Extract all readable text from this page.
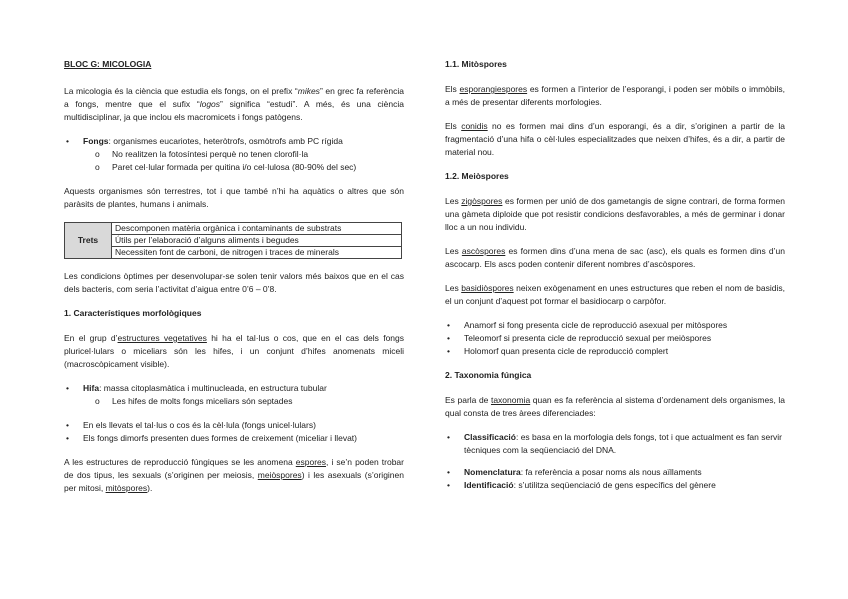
BLOC G: MICOLOGIA

La micologia és la ciència que estudia els fongs, on el prefix “mikes” en grec fa referència a fongs, mentre que el sufix “logos” significa “estudi”. A més, és una ciència multidisciplinar, ja que inclou els macromicets i fongs patògens.

• Fongs: organismes eucariotes, heteròtrofs, osmòtrofs amb PC rígida
o No realitzen la fotosíntesi perquè no tenen clorofil·la
o Paret cel·lular formada per quitina i/o cel·lulosa (80-90% del sec)

Aquests organismes són terrestres, tot i que també n’hi ha aquàtics o altres que són paràsits de plantes, humans i animals.

Trets	Descomponen matèria orgànica i contaminants de substrats
Útils per l’elaboració d’alguns aliments i begudes
Necessiten font de carboni, de nitrogen i traces de minerals

Les condicions òptimes per desenvolupar-se solen tenir valors més baixos que en el cas dels bacteris, com seria l’activitat d’aigua entre 0’6 – 0’8.

1. Característiques morfològiques

En el grup d’estructures vegetatives hi ha el tal·lus o cos, que en el cas dels fongs pluricel·lulars o miceliars són les hifes, i un conjunt d’hifes anomenats miceli (macroscòpicament visible).

• Hifa: massa citoplasmàtica i multinucleada, en estructura tubular
o Les hifes de molts fongs miceliars són septades
• En els llevats el tal·lus o cos és la cèl·lula (fongs unicel·lulars)
• Els fongs dimorfs presenten dues formes de creixement (miceliar i llevat)

A les estructures de reproducció fúngiques se les anomena espores, i se’n poden trobar de dos tipus, les sexuals (s’originen per meiosis, meiòspores) i les asexuals (s’originen per mitosi, mitòspores).

1.1. Mitòspores

Els esporangiespores es formen a l’interior de l’esporangi, i poden ser mòbils o immòbils, a més de presentar diferents morfologies.

Els conidis no es formen mai dins d’un esporangi, és a dir, s’originen a partir de la fragmentació d’una hifa o cèl·lules especialitzades que neixen d’hifes, és a dir, a partir de material nou.

1.2. Meiòspores

Les zigòspores es formen per unió de dos gametangis de signe contrari, de forma formen una gàmeta diploide que pot resistir condicions desfavorables, a més de germinar i donar lloc a un nou individu.

Les ascòspores es formen dins d’una mena de sac (asc), els quals es formen dins d’un ascocarp. Els ascs poden contenir diferent nombres d’ascòspores.

Les basidiòspores neixen exògenament en unes estructures que reben el nom de basidis, el un conjunt d’aquest pot formar el basidiocarp o carpòfor.

• Anamorf si fong presenta cicle de reproducció asexual per mitòspores
• Teleomorf si presenta cicle de reproducció sexual per meiòspores
• Holomorf quan presenta cicle de reproducció complert

2. Taxonomia fúngica

Es parla de taxonomia quan es fa referència al sistema d’ordenament dels organismes, la qual consta de tres àrees diferenciades:

• Classificació: es basa en la morfologia dels fongs, tot i que actualment es fan servir tècniques com la seqüenciació del DNA.
• Nomenclatura: fa referència a posar noms als nous aïllaments
• Identificació: s’utilitza seqüenciació de gens específics del gènere
